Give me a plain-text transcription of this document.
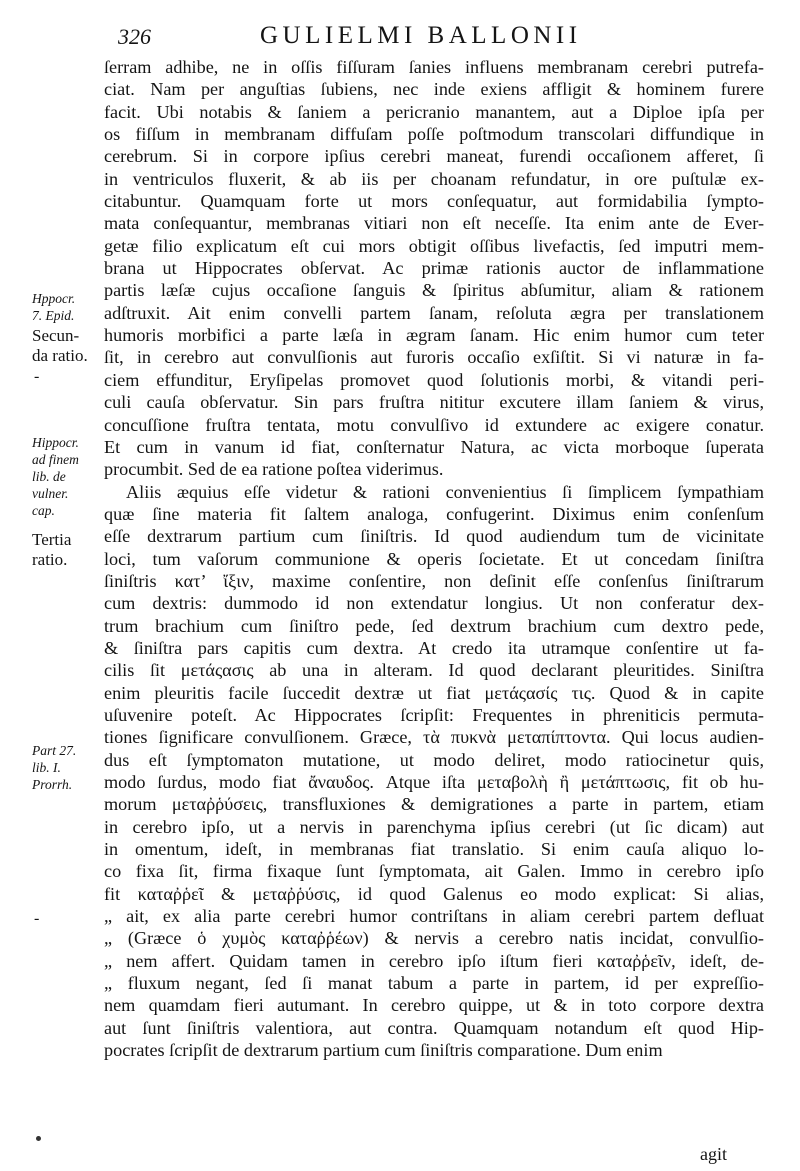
326	GULIELMI BALLONII
-
-
Hppocr.
7. Epid.
Secun-
da ratio.
Hippocr.
ad finem
lib. de
vulner.
cap.
Tertia
ratio.
Part 27.
lib. I.
Prorrh.
ſerram adhibe, ne in oſſis fiſſuram ſanies influens membranam cerebri putrefa-
ciat. Nam per anguſtias ſubiens, nec inde exiens affligit & hominem furere
facit. Ubi notabis & ſaniem a pericranio manantem, aut a Diploe ipſa per
os fiſſum in membranam diffuſam poſſe poſtmodum transcolari diffundique in
cerebrum. Si in corpore ipſius cerebri maneat, furendi occaſionem afferet, ſi
in ventriculos fluxerit, & ab iis per choanam refundatur, in ore puſtulæ ex-
citabuntur. Quamquam forte ut mors conſequatur, aut formidabilia ſympto-
mata conſequantur, membranas vitiari non eſt neceſſe. Ita enim ante de Ever-
getæ filio explicatum eſt cui mors obtigit oſſibus livefactis, ſed imputri mem-
brana ut Hippocrates obſervat. Ac primæ rationis auctor de inflammatione
partis læſæ cujus occaſione ſanguis & ſpiritus abſumitur, aliam & rationem
adſtruxit. Ait enim convelli partem ſanam, reſoluta ægra per translationem
humoris morbifici a parte læſa in ægram ſanam. Hic enim humor cum teter
ſit, in cerebro aut convulſionis aut furoris occaſio exſiſtit. Si vi naturæ in fa-
ciem effunditur, Eryſipelas promovet quod ſolutionis morbi, & vitandi peri-
culi cauſa obſervatur. Sin pars fruſtra nititur excutere illam ſaniem & virus,
concuſſione fruſtra tentata, motu convulſivo id extundere ac exigere conatur.
Et cum in vanum id fiat, conſternatur Natura, ac victa morboque ſuperata
procumbit. Sed de ea ratione poſtea viderimus.
Aliis æquius eſſe videtur & rationi convenientius ſi ſimplicem ſympathiam
quæ ſine materia fit ſaltem analoga, confugerint. Diximus enim conſenſum
eſſe dextrarum partium cum ſiniſtris. Id quod audiendum tum de vicinitate
loci, tum vaſorum communione & operis ſocietate. Et ut concedam ſiniſtra
ſiniſtris κατ’ ἴξιν, maxime conſentire, non deſinit eſſe conſenſus ſiniſtrarum
cum dextris: dummodo id non extendatur longius. Ut non conferatur dex-
trum brachium cum ſiniſtro pede, ſed dextrum brachium cum dextro pede,
& ſiniſtra pars capitis cum dextra. At credo ita utramque conſentire ut fa-
cilis ſit μετάςασις ab una in alteram. Id quod declarant pleuritides. Siniſtra
enim pleuritis facile ſuccedit dextræ ut fiat μετάςασίς τις. Quod & in capite
uſuvenire poteſt. Ac Hippocrates ſcripſit: Frequentes in phreniticis permuta-
tiones ſignificare convulſionem. Græce, τὰ πυκνὰ μεταπίπτοντα. Qui locus audien-
dus eſt ſymptomaton mutatione, ut modo deliret, modo ratiocinetur quis,
modo ſurdus, modo fiat ἄναυδος. Atque iſta μεταβολὴ ἢ μετάπτωσις, fit ob hu-
morum μεταῤῥύσεις, transfluxiones & demigrationes a parte in partem, etiam
in cerebro ipſo, ut a nervis in parenchyma ipſius cerebri (ut ſic dicam) aut
in omentum, ideſt, in membranas fiat translatio. Si enim cauſa aliquo lo-
co fixa ſit, firma fixaque ſunt ſymptomata, ait Galen. Immo in cerebro ipſo
fit καταῤῥεῖ & μεταῤῥύσις, id quod Galenus eo modo explicat: Si alias,
„ ait, ex alia parte cerebri humor contriſtans in aliam cerebri partem defluat
„ (Græce ὁ χυμὸς καταῤῥέων) & nervis a cerebro natis incidat, convulſio-
„ nem affert. Quidam tamen in cerebro ipſo iſtum fieri καταῤῥεῖν, ideſt, de-
„ fluxum negant, ſed ſi manat tabum a parte in partem, id per expreſſio-
nem quamdam fieri autumant. In cerebro quippe, ut & in toto corpore dextra
aut ſunt ſiniſtris valentiora, aut contra. Quamquam notandum eſt quod Hip-
pocrates ſcripſit de dextrarum partium cum ſiniſtris comparatione. Dum enim
agit
